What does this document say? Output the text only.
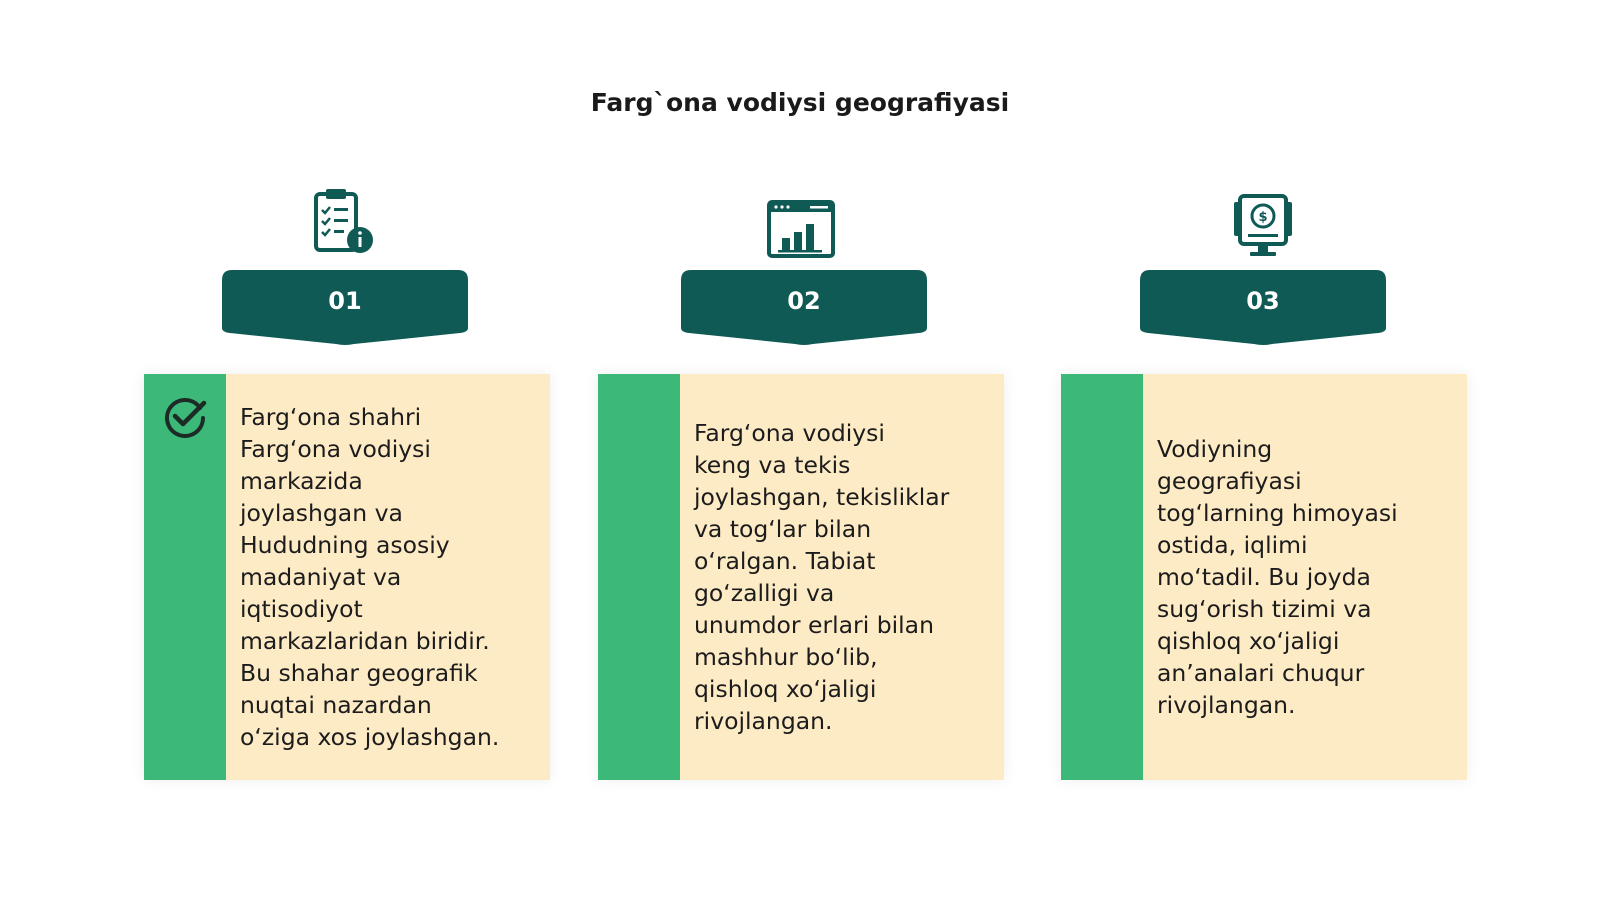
Farg`ona vodiysi geografiyasi
01
Farg‘ona shahri
Farg‘ona vodiysi
markazida
joylashgan va
Hududning asosiy
madaniyat va
iqtisodiyot
markazlaridan biridir.
Bu shahar geografik
nuqtai nazardan
o‘ziga xos joylashgan.
02
Farg‘ona vodiysi
keng va tekis
joylashgan, tekisliklar
va tog‘lar bilan
o‘ralgan. Tabiat
go‘zalligi va
unumdor erlari bilan
mashhur bo‘lib,
qishloq xo‘jaligi
rivojlangan.
$
03
Vodiyning
geografiyasi
tog‘larning himoyasi
ostida, iqlimi
mo‘tadil. Bu joyda
sug‘orish tizimi va
qishloq xo‘jaligi
an’analari chuqur
rivojlangan.
